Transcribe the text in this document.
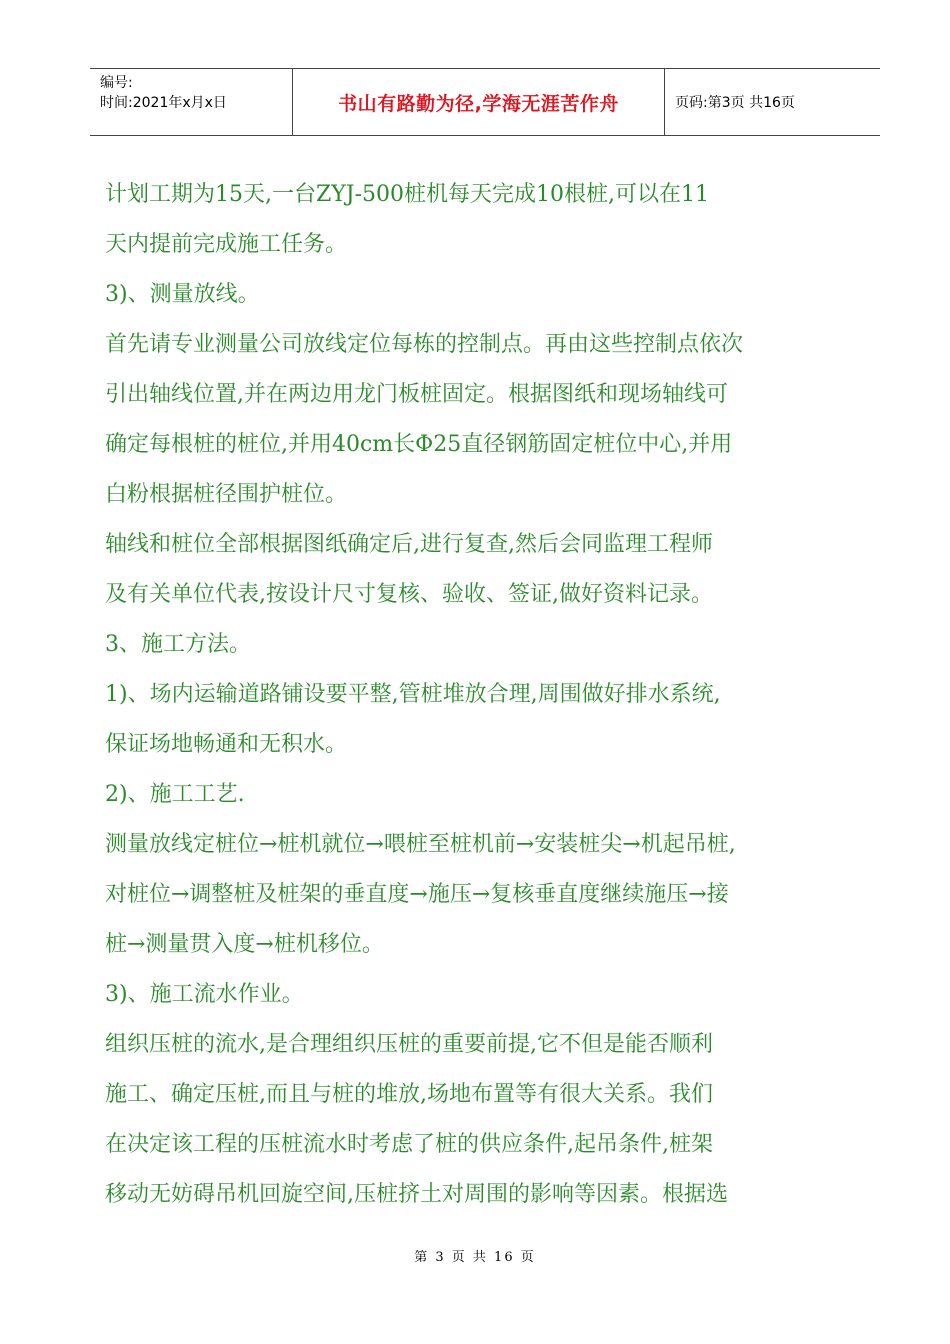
编号:
时间:2021年x月x日	书山有路勤为径,学海无涯苦作舟	页码:第3页 共16页
计划工期为15天,一台ZYJ-500桩机每天完成10根桩,可以在11
天内提前完成施工任务。
3)、测量放线。
首先请专业测量公司放线定位每栋的控制点。再由这些控制点依次
引出轴线位置,并在两边用龙门板桩固定。根据图纸和现场轴线可
确定每根桩的桩位,并用40cm长Φ25直径钢筋固定桩位中心,并用
白粉根据桩径围护桩位。
轴线和桩位全部根据图纸确定后,进行复查,然后会同监理工程师
及有关单位代表,按设计尺寸复核、验收、签证,做好资料记录。
3、施工方法。
1)、场内运输道路铺设要平整,管桩堆放合理,周围做好排水系统,
保证场地畅通和无积水。
2)、施工工艺.
测量放线定桩位→桩机就位→喂桩至桩机前→安装桩尖→机起吊桩,
对桩位→调整桩及桩架的垂直度→施压→复核垂直度继续施压→接
桩→测量贯入度→桩机移位。
3)、施工流水作业。
组织压桩的流水,是合理组织压桩的重要前提,它不但是能否顺利
施工、确定压桩,而且与桩的堆放,场地布置等有很大关系。我们
在决定该工程的压桩流水时考虑了桩的供应条件,起吊条件,桩架
移动无妨碍吊机回旋空间,压桩挤土对周围的影响等因素。根据选
第 3 页 共 16 页
